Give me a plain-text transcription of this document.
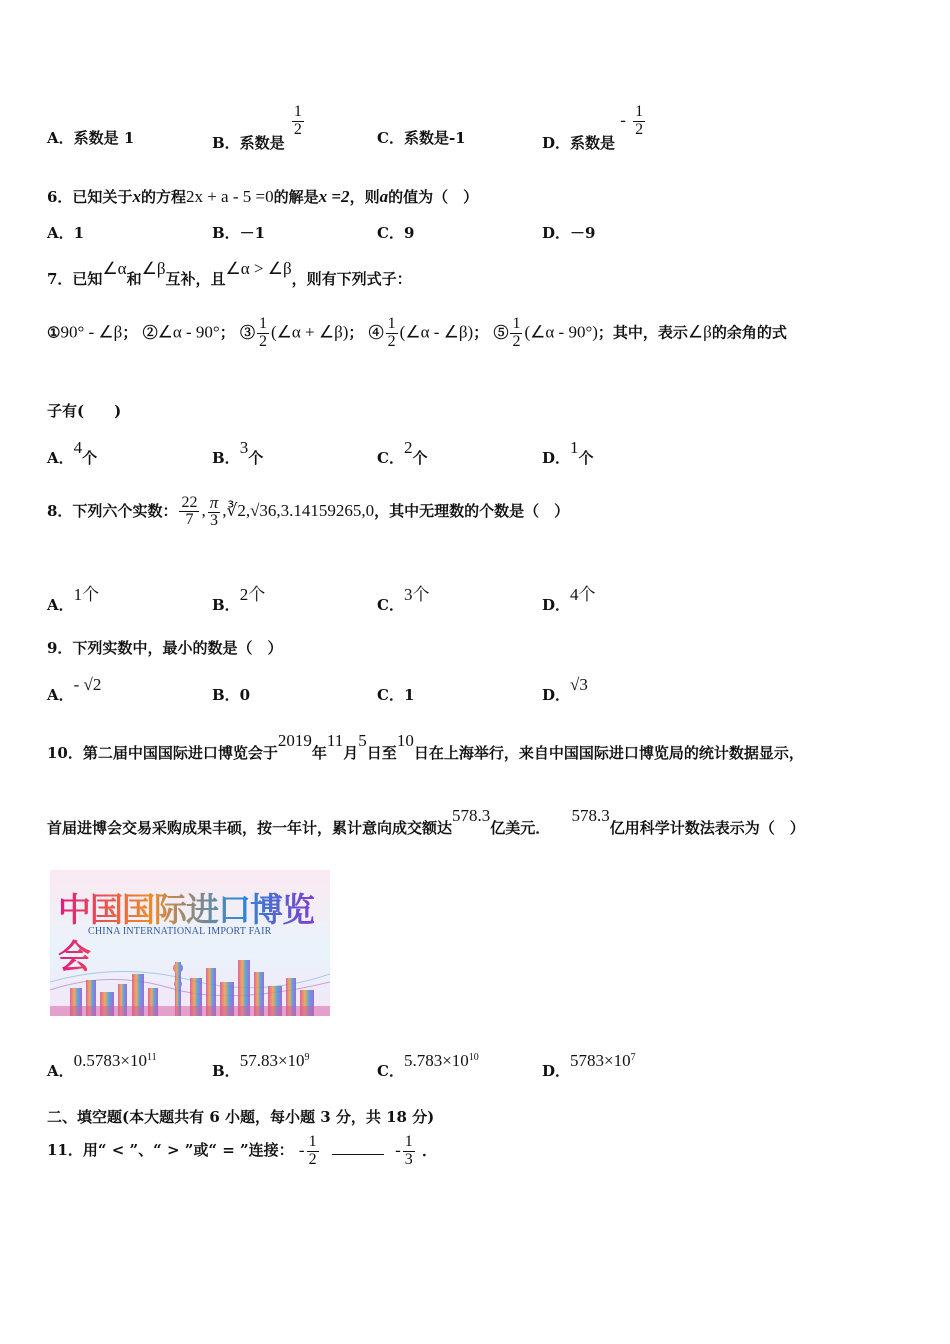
A．系数是 1	B．系数是
$\frac{1}{2}$	C．系数是-1	D．系数是 - $\frac{1}{2}$
6．已知关于x的方程2x + a - 5 =0的解是x =2，则a的值为（　）
A．1	B．－1	C．9	D．－9
7．已知∠α和∠β互补，且∠α > ∠β，则有下列式子：
①90° - ∠β； ②∠α - 90°； ③ $\frac{1}{2}$ (∠α + ∠β)； ④ $\frac{1}{2}$ (∠α - ∠β)； ⑤ $\frac{1}{2}$ (∠α - 90°)；其中，表示∠β的余角的式
子有(　　)
A．4个	B．3个	C．2个	D．1个
8．下列六个实数： $\frac{22}{7}$ , $\frac{\pi}{3}$ ,∛2,√36,3.14159265,0，其中无理数的个数是（　）
A．1个
B．2个
C．3个
D．4个
9．下列实数中，最小的数是（　）
A．- √2
B．0	C．1	D．√3
10．第二届中国国际进口博览会于2019年11月5日至10日在上海举行，来自中国国际进口博览局的统计数据显示，
首届进博会交易采购成果丰硕，按一年计，累计意向成交额达578.3亿美元． 578.3亿用科学计数法表示为（　）
中国国际进口博览会
CHINA INTERNATIONAL IMPORT FAIR
A．$0.5783\times 10^{11}$
B．$57.83\times 10^9$
C．$5.783\times 10^{10}$
D．$5783\times 10^7$
二、填空题(本大题共有 6 小题，每小题 3 分，共 18 分)
11．用“ < ”、“ > ”或“ = ”连接： - $\frac{1}{2}$	- $\frac{1}{3}$ ．
